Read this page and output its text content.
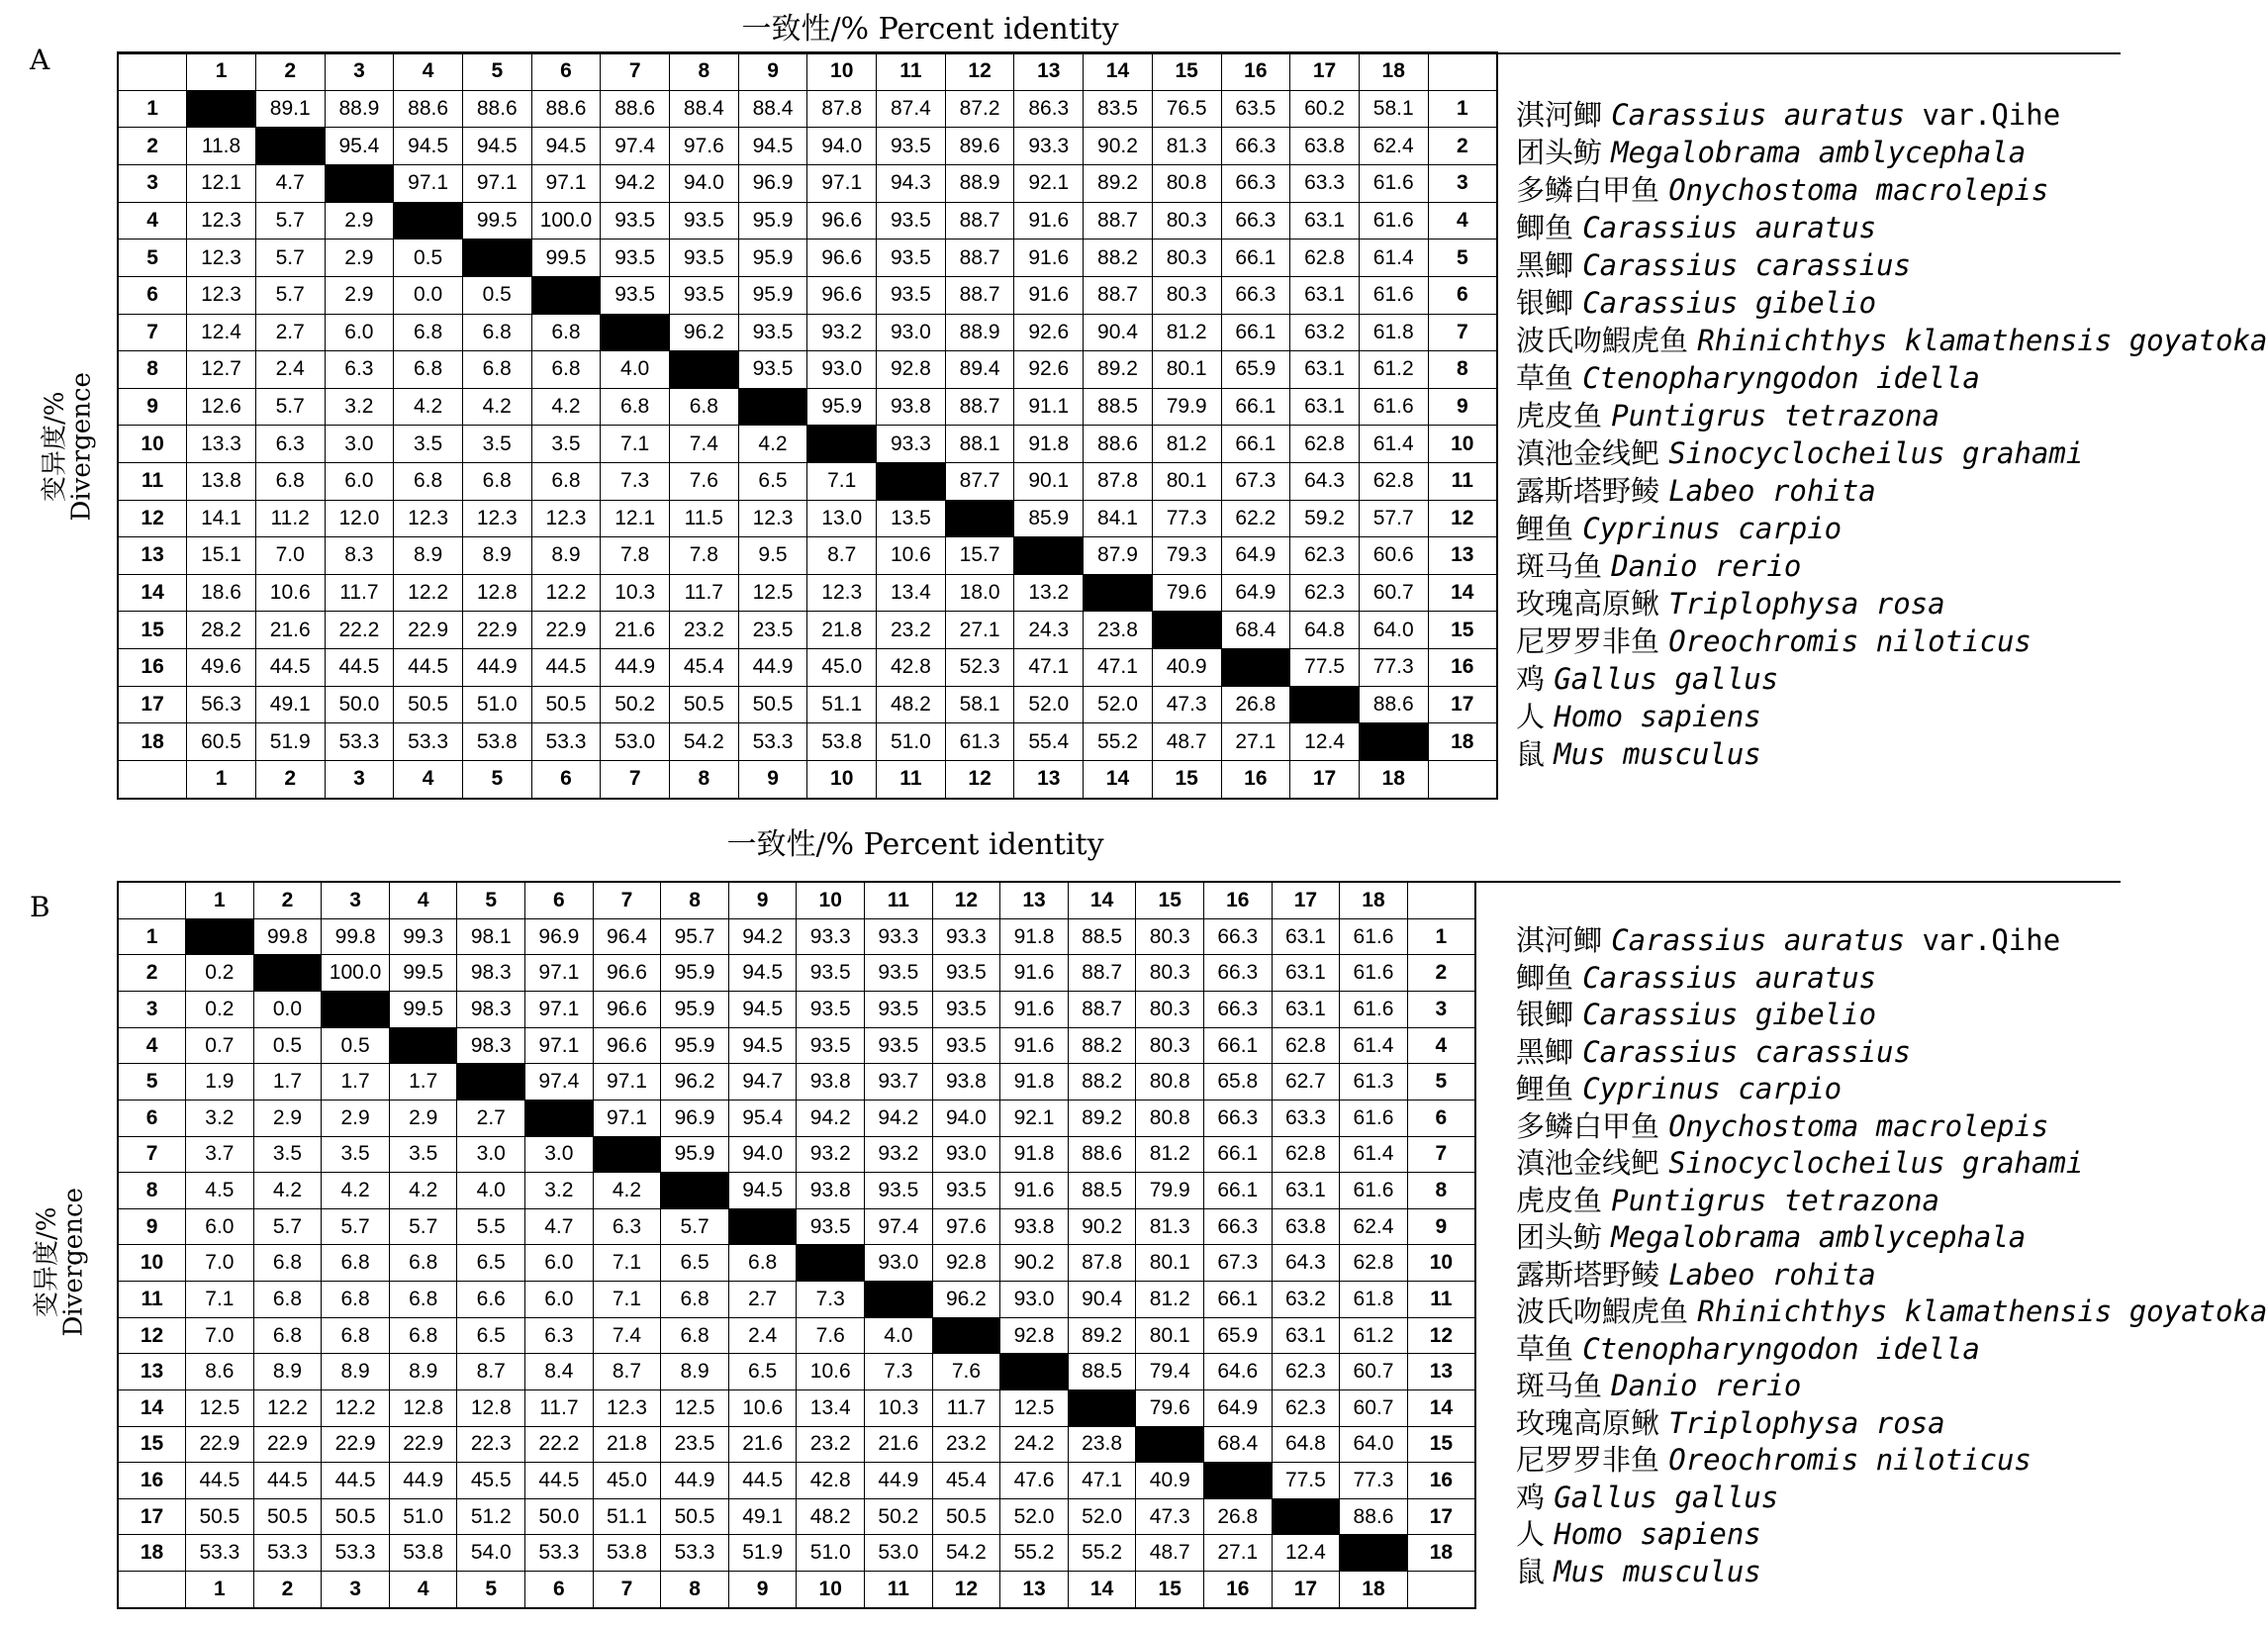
一致性/% Percent identity
A
变异度/%
Divergence
	1	2	3	4	5	6	7	8	9	10	11	12	13	14	15	16	17	18	
1		89.1	88.9	88.6	88.6	88.6	88.6	88.4	88.4	87.8	87.4	87.2	86.3	83.5	76.5	63.5	60.2	58.1	1
2	11.8		95.4	94.5	94.5	94.5	97.4	97.6	94.5	94.0	93.5	89.6	93.3	90.2	81.3	66.3	63.8	62.4	2
3	12.1	4.7		97.1	97.1	97.1	94.2	94.0	96.9	97.1	94.3	88.9	92.1	89.2	80.8	66.3	63.3	61.6	3
4	12.3	5.7	2.9		99.5	100.0	93.5	93.5	95.9	96.6	93.5	88.7	91.6	88.7	80.3	66.3	63.1	61.6	4
5	12.3	5.7	2.9	0.5		99.5	93.5	93.5	95.9	96.6	93.5	88.7	91.6	88.2	80.3	66.1	62.8	61.4	5
6	12.3	5.7	2.9	0.0	0.5		93.5	93.5	95.9	96.6	93.5	88.7	91.6	88.7	80.3	66.3	63.1	61.6	6
7	12.4	2.7	6.0	6.8	6.8	6.8		96.2	93.5	93.2	93.0	88.9	92.6	90.4	81.2	66.1	63.2	61.8	7
8	12.7	2.4	6.3	6.8	6.8	6.8	4.0		93.5	93.0	92.8	89.4	92.6	89.2	80.1	65.9	63.1	61.2	8
9	12.6	5.7	3.2	4.2	4.2	4.2	6.8	6.8		95.9	93.8	88.7	91.1	88.5	79.9	66.1	63.1	61.6	9
10	13.3	6.3	3.0	3.5	3.5	3.5	7.1	7.4	4.2		93.3	88.1	91.8	88.6	81.2	66.1	62.8	61.4	10
11	13.8	6.8	6.0	6.8	6.8	6.8	7.3	7.6	6.5	7.1		87.7	90.1	87.8	80.1	67.3	64.3	62.8	11
12	14.1	11.2	12.0	12.3	12.3	12.3	12.1	11.5	12.3	13.0	13.5		85.9	84.1	77.3	62.2	59.2	57.7	12
13	15.1	7.0	8.3	8.9	8.9	8.9	7.8	7.8	9.5	8.7	10.6	15.7		87.9	79.3	64.9	62.3	60.6	13
14	18.6	10.6	11.7	12.2	12.8	12.2	10.3	11.7	12.5	12.3	13.4	18.0	13.2		79.6	64.9	62.3	60.7	14
15	28.2	21.6	22.2	22.9	22.9	22.9	21.6	23.2	23.5	21.8	23.2	27.1	24.3	23.8		68.4	64.8	64.0	15
16	49.6	44.5	44.5	44.5	44.9	44.5	44.9	45.4	44.9	45.0	42.8	52.3	47.1	47.1	40.9		77.5	77.3	16
17	56.3	49.1	50.0	50.5	51.0	50.5	50.2	50.5	50.5	51.1	48.2	58.1	52.0	52.0	47.3	26.8		88.6	17
18	60.5	51.9	53.3	53.3	53.8	53.3	53.0	54.2	53.3	53.8	51.0	61.3	55.4	55.2	48.7	27.1	12.4		18
	1	2	3	4	5	6	7	8	9	10	11	12	13	14	15	16	17	18	
淇河鲫 Carassius auratus var.Qihe
团头鲂 Megalobrama amblycephala
多鳞白甲鱼 Onychostoma macrolepis
鲫鱼 Carassius auratus
黑鲫 Carassius carassius
银鲫 Carassius gibelio
波氏吻鰕虎鱼 Rhinichthys klamathensis goyatoka
草鱼 Ctenopharyngodon idella
虎皮鱼 Puntigrus tetrazona
滇池金线鲃 Sinocyclocheilus grahami
露斯塔野鲮 Labeo rohita
鲤鱼 Cyprinus carpio
斑马鱼 Danio rerio
玫瑰高原鳅 Triplophysa rosa
尼罗罗非鱼 Oreochromis niloticus
鸡 Gallus gallus
人 Homo sapiens
鼠 Mus musculus
一致性/% Percent identity
B
变异度/%
Divergence
	1	2	3	4	5	6	7	8	9	10	11	12	13	14	15	16	17	18	
1		99.8	99.8	99.3	98.1	96.9	96.4	95.7	94.2	93.3	93.3	93.3	91.8	88.5	80.3	66.3	63.1	61.6	1
2	0.2		100.0	99.5	98.3	97.1	96.6	95.9	94.5	93.5	93.5	93.5	91.6	88.7	80.3	66.3	63.1	61.6	2
3	0.2	0.0		99.5	98.3	97.1	96.6	95.9	94.5	93.5	93.5	93.5	91.6	88.7	80.3	66.3	63.1	61.6	3
4	0.7	0.5	0.5		98.3	97.1	96.6	95.9	94.5	93.5	93.5	93.5	91.6	88.2	80.3	66.1	62.8	61.4	4
5	1.9	1.7	1.7	1.7		97.4	97.1	96.2	94.7	93.8	93.7	93.8	91.8	88.2	80.8	65.8	62.7	61.3	5
6	3.2	2.9	2.9	2.9	2.7		97.1	96.9	95.4	94.2	94.2	94.0	92.1	89.2	80.8	66.3	63.3	61.6	6
7	3.7	3.5	3.5	3.5	3.0	3.0		95.9	94.0	93.2	93.2	93.0	91.8	88.6	81.2	66.1	62.8	61.4	7
8	4.5	4.2	4.2	4.2	4.0	3.2	4.2		94.5	93.8	93.5	93.5	91.6	88.5	79.9	66.1	63.1	61.6	8
9	6.0	5.7	5.7	5.7	5.5	4.7	6.3	5.7		93.5	97.4	97.6	93.8	90.2	81.3	66.3	63.8	62.4	9
10	7.0	6.8	6.8	6.8	6.5	6.0	7.1	6.5	6.8		93.0	92.8	90.2	87.8	80.1	67.3	64.3	62.8	10
11	7.1	6.8	6.8	6.8	6.6	6.0	7.1	6.8	2.7	7.3		96.2	93.0	90.4	81.2	66.1	63.2	61.8	11
12	7.0	6.8	6.8	6.8	6.5	6.3	7.4	6.8	2.4	7.6	4.0		92.8	89.2	80.1	65.9	63.1	61.2	12
13	8.6	8.9	8.9	8.9	8.7	8.4	8.7	8.9	6.5	10.6	7.3	7.6		88.5	79.4	64.6	62.3	60.7	13
14	12.5	12.2	12.2	12.8	12.8	11.7	12.3	12.5	10.6	13.4	10.3	11.7	12.5		79.6	64.9	62.3	60.7	14
15	22.9	22.9	22.9	22.9	22.3	22.2	21.8	23.5	21.6	23.2	21.6	23.2	24.2	23.8		68.4	64.8	64.0	15
16	44.5	44.5	44.5	44.9	45.5	44.5	45.0	44.9	44.5	42.8	44.9	45.4	47.6	47.1	40.9		77.5	77.3	16
17	50.5	50.5	50.5	51.0	51.2	50.0	51.1	50.5	49.1	48.2	50.2	50.5	52.0	52.0	47.3	26.8		88.6	17
18	53.3	53.3	53.3	53.8	54.0	53.3	53.8	53.3	51.9	51.0	53.0	54.2	55.2	55.2	48.7	27.1	12.4		18
	1	2	3	4	5	6	7	8	9	10	11	12	13	14	15	16	17	18	
淇河鲫 Carassius auratus var.Qihe
鲫鱼 Carassius auratus
银鲫 Carassius gibelio
黑鲫 Carassius carassius
鲤鱼 Cyprinus carpio
多鳞白甲鱼 Onychostoma macrolepis
滇池金线鲃 Sinocyclocheilus grahami
虎皮鱼 Puntigrus tetrazona
团头鲂 Megalobrama amblycephala
露斯塔野鲮 Labeo rohita
波氏吻鰕虎鱼 Rhinichthys klamathensis goyatoka
草鱼 Ctenopharyngodon idella
斑马鱼 Danio rerio
玫瑰高原鳅 Triplophysa rosa
尼罗罗非鱼 Oreochromis niloticus
鸡 Gallus gallus
人 Homo sapiens
鼠 Mus musculus
